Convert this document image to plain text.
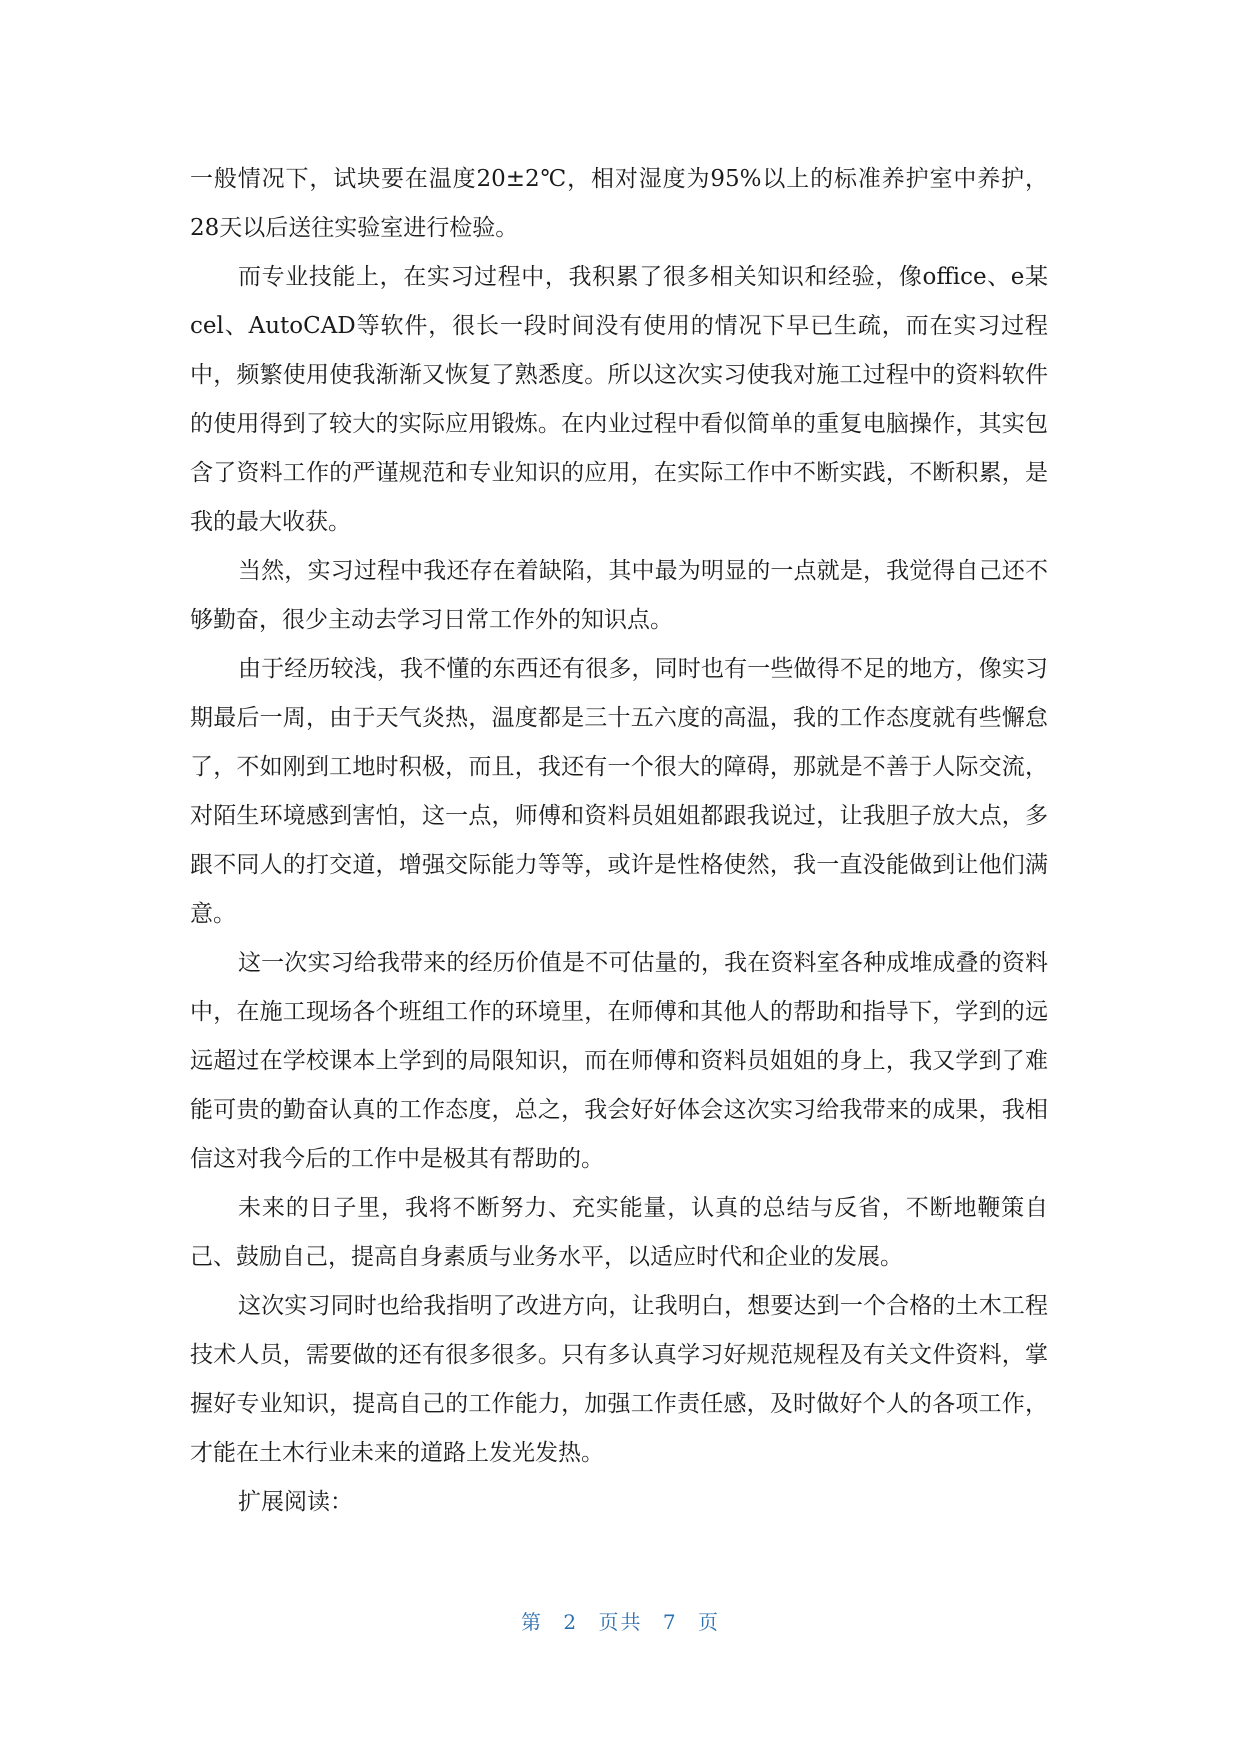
一般情况下，试块要在温度20±2℃，相对湿度为95%以上的标准养护室中养护，28天以后送往实验室进行检验。

而专业技能上，在实习过程中，我积累了很多相关知识和经验，像office、e某cel、AutoCAD等软件，很长一段时间没有使用的情况下早已生疏，而在实习过程中，频繁使用使我渐渐又恢复了熟悉度。所以这次实习使我对施工过程中的资料软件的使用得到了较大的实际应用锻炼。在内业过程中看似简单的重复电脑操作，其实包含了资料工作的严谨规范和专业知识的应用，在实际工作中不断实践，不断积累，是我的最大收获。

当然，实习过程中我还存在着缺陷，其中最为明显的一点就是，我觉得自己还不够勤奋，很少主动去学习日常工作外的知识点。

由于经历较浅，我不懂的东西还有很多，同时也有一些做得不足的地方，像实习期最后一周，由于天气炎热，温度都是三十五六度的高温，我的工作态度就有些懈怠了，不如刚到工地时积极，而且，我还有一个很大的障碍，那就是不善于人际交流，对陌生环境感到害怕，这一点，师傅和资料员姐姐都跟我说过，让我胆子放大点，多跟不同人的打交道，增强交际能力等等，或许是性格使然，我一直没能做到让他们满意。

这一次实习给我带来的经历价值是不可估量的，我在资料室各种成堆成叠的资料中，在施工现场各个班组工作的环境里，在师傅和其他人的帮助和指导下，学到的远远超过在学校课本上学到的局限知识，而在师傅和资料员姐姐的身上，我又学到了难能可贵的勤奋认真的工作态度，总之，我会好好体会这次实习给我带来的成果，我相信这对我今后的工作中是极其有帮助的。

未来的日子里，我将不断努力、充实能量，认真的总结与反省，不断地鞭策自己、鼓励自己，提高自身素质与业务水平，以适应时代和企业的发展。

这次实习同时也给我指明了改进方向，让我明白，想要达到一个合格的土木工程技术人员，需要做的还有很多很多。只有多认真学习好规范规程及有关文件资料，掌握好专业知识，提高自己的工作能力，加强工作责任感，及时做好个人的各项工作，才能在土木行业未来的道路上发光发热。

扩展阅读：

第 2 页共 7 页
